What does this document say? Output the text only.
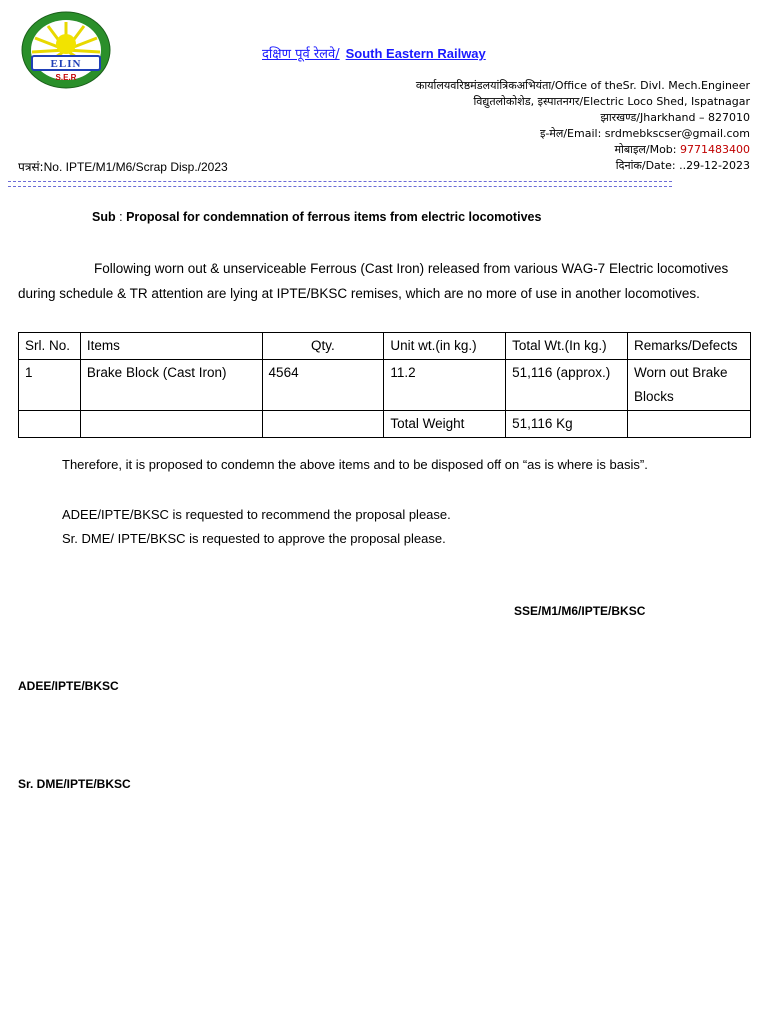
ELIN
S.E.R
दक्षिण पूर्व रेलवे/ South Eastern Railway
कार्यालयवरिष्ठमंडलयांत्रिकअभियंता/Office of theSr. Divl. Mech.Engineer
विद्युतलोकोशेड, इस्पातनगर/Electric Loco Shed, Ispatnagar
झारखण्ड/Jharkhand – 827010
इ-मेल/Email: srdmebkscser@gmail.com
मोबाइल/Mob: 9771483400
दिनांक/Date: ..29-12-2023
पत्रसं:No. IPTE/M1/M6/Scrap Disp./2023
Sub : Proposal for condemnation of ferrous items from electric locomotives
Following worn out & unserviceable Ferrous (Cast Iron) released from various WAG-7 Electric locomotives during schedule & TR attention are lying at IPTE/BKSC remises, which are no more of use in another locomotives.
Srl. No.	Items	Qty.	Unit wt.(in kg.)	Total Wt.(In kg.)	Remarks/Defects
1	Brake Block (Cast Iron)	4564	11.2	51,116 (approx.)	Worn out Brake Blocks
			Total Weight	51,116 Kg	
Therefore, it is proposed to condemn the above items and to be disposed off on “as is where is basis”.
ADEE/IPTE/BKSC is requested to recommend the proposal please.
Sr. DME/ IPTE/BKSC is requested to approve the proposal please.
SSE/M1/M6/IPTE/BKSC
ADEE/IPTE/BKSC
Sr. DME/IPTE/BKSC
